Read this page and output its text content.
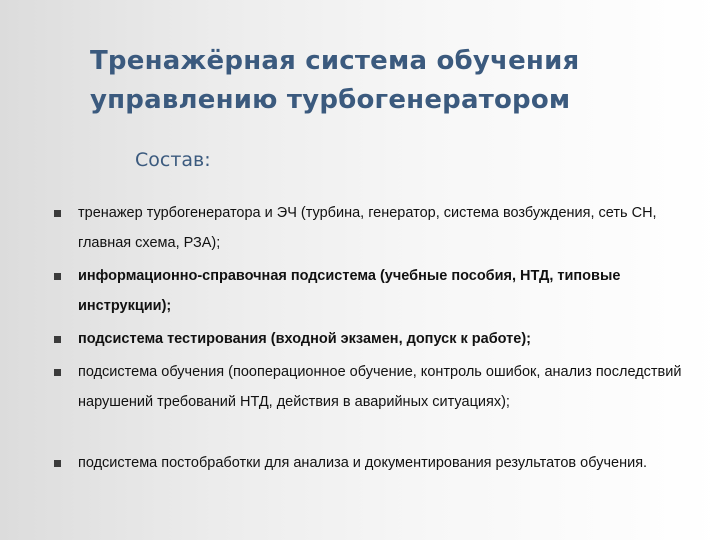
Тренажёрная система обучения
управлению турбогенератором
Состав:
тренажер турбогенератора и ЭЧ (турбина, генератор, система возбуждения, сеть СН, главная схема, РЗА);
информационно-справочная подсистема (учебные пособия, НТД, типовые инструкции);
подсистема тестирования (входной экзамен, допуск к работе);
подсистема обучения (пооперационное обучение, контроль ошибок, анализ последствий нарушений требований НТД, действия в аварийных ситуациях);
подсистема постобработки для анализа и документирования результатов обучения.
